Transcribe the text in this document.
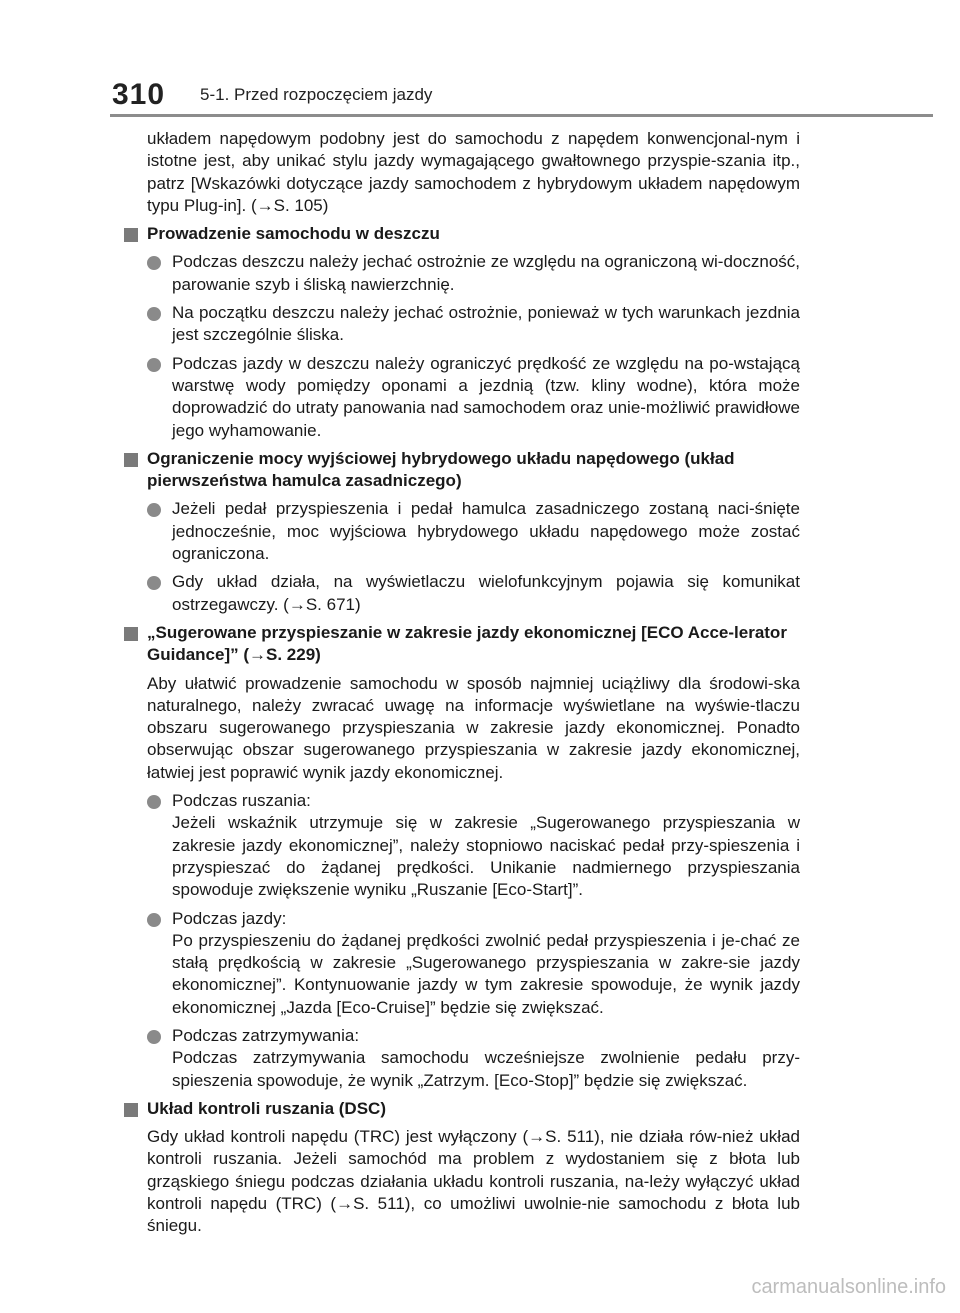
310 5-1. Przed rozpoczęciem jazdy

układem napędowym podobny jest do samochodu z napędem konwencjonal-nym i istotne jest, aby unikać stylu jazdy wymagającego gwałtownego przyspie-szania itp., patrz [Wskazówki dotyczące jazdy samochodem z hybrydowym układem napędowym typu Plug-in]. (→S. 105)

Prowadzenie samochodu w deszczu

Podczas deszczu należy jechać ostrożnie ze względu na ograniczoną wi-doczność, parowanie szyb i śliską nawierzchnię.

Na początku deszczu należy jechać ostrożnie, ponieważ w tych warunkach jezdnia jest szczególnie śliska.

Podczas jazdy w deszczu należy ograniczyć prędkość ze względu na po-wstającą warstwę wody pomiędzy oponami a jezdnią (tzw. kliny wodne), która może doprowadzić do utraty panowania nad samochodem oraz unie-możliwić prawidłowe jego wyhamowanie.

Ograniczenie mocy wyjściowej hybrydowego układu napędowego (układ pierwszeństwa hamulca zasadniczego)

Jeżeli pedał przyspieszenia i pedał hamulca zasadniczego zostaną naci-śnięte jednocześnie, moc wyjściowa hybrydowego układu napędowego może zostać ograniczona.

Gdy układ działa, na wyświetlaczu wielofunkcyjnym pojawia się komunikat ostrzegawczy. (→S. 671)

„Sugerowane przyspieszanie w zakresie jazdy ekonomicznej [ECO Acce-lerator Guidance]” (→S. 229)

Aby ułatwić prowadzenie samochodu w sposób najmniej uciążliwy dla środowi-ska naturalnego, należy zwracać uwagę na informacje wyświetlane na wyświe-tlaczu obszaru sugerowanego przyspieszania w zakresie jazdy ekonomicznej. Ponadto obserwując obszar sugerowanego przyspieszania w zakresie jazdy ekonomicznej, łatwiej jest poprawić wynik jazdy ekonomicznej.

Podczas ruszania:
Jeżeli wskaźnik utrzymuje się w zakresie „Sugerowanego przyspieszania w zakresie jazdy ekonomicznej”, należy stopniowo naciskać pedał przy-spieszenia i przyspieszać do żądanej prędkości. Unikanie nadmiernego przyspieszania spowoduje zwiększenie wyniku „Ruszanie [Eco-Start]”.

Podczas jazdy:
Po przyspieszeniu do żądanej prędkości zwolnić pedał przyspieszenia i je-chać ze stałą prędkością w zakresie „Sugerowanego przyspieszania w zakre-sie jazdy ekonomicznej”. Kontynuowanie jazdy w tym zakresie spowoduje, że wynik jazdy ekonomicznej „Jazda [Eco-Cruise]” będzie się zwiększać.

Podczas zatrzymywania:
Podczas zatrzymywania samochodu wcześniejsze zwolnienie pedału przy-spieszenia spowoduje, że wynik „Zatrzym. [Eco-Stop]” będzie się zwiększać.

Układ kontroli ruszania (DSC)

Gdy układ kontroli napędu (TRC) jest wyłączony (→S. 511), nie działa rów-nież układ kontroli ruszania. Jeżeli samochód ma problem z wydostaniem się z błota lub grząskiego śniegu podczas działania układu kontroli ruszania, na-leży wyłączyć układ kontroli napędu (TRC) (→S. 511), co umożliwi uwolnie-nie samochodu z błota lub śniegu.

carmanualsonline.info
